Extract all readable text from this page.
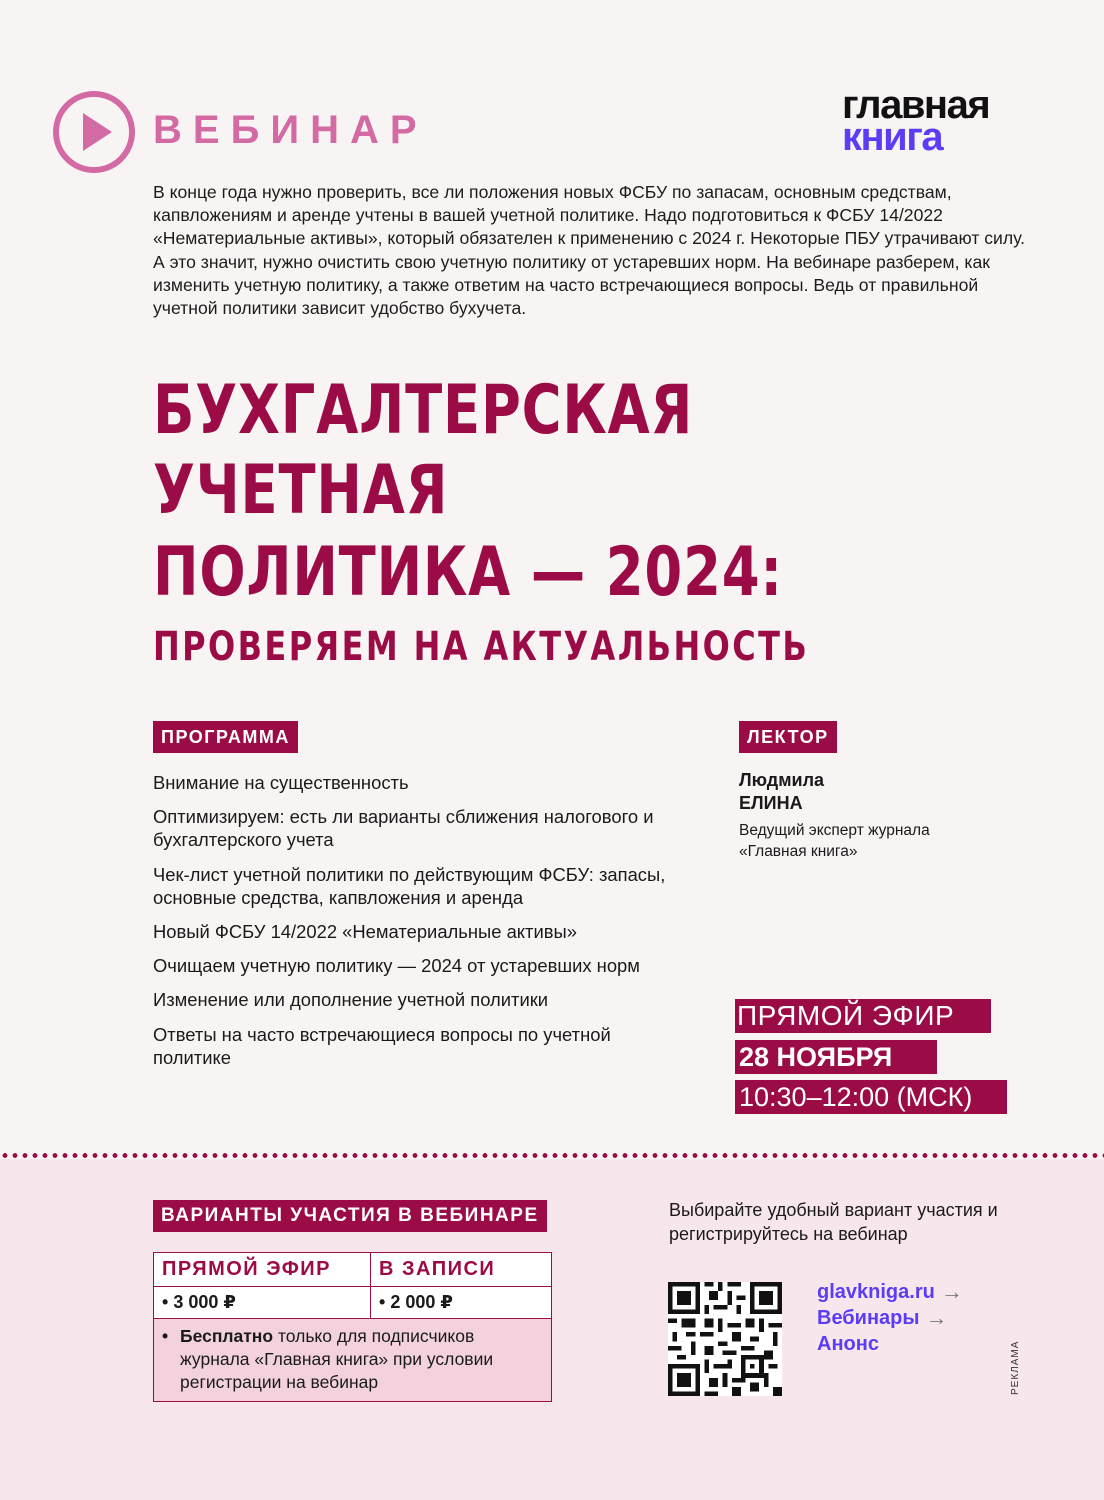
ВЕБИНАР
главная
книга

В конце года нужно проверить, все ли положения новых ФСБУ по запасам, основным средствам, капвложениям и аренде учтены в вашей учетной политике. Надо подготовиться к ФСБУ 14/2022 «Нематериальные активы», который обязателен к применению с 2024 г. Некоторые ПБУ утрачивают силу. А это значит, нужно очистить свою учетную политику от устаревших норм. На вебинаре разберем, как изменить учетную политику, а также ответим на часто встречающиеся вопросы. Ведь от правильной учетной политики зависит удобство бухучета.

БУХГАЛТЕРСКАЯ
УЧЕТНАЯ
ПОЛИТИКА — 2024:
ПРОВЕРЯЕМ НА АКТУАЛЬНОСТЬ
ПРОГРАММА
Внимание на существенность
Оптимизируем: есть ли варианты сближения налогового и бухгалтерского учета
Чек-лист учетной политики по действующим ФСБУ: запасы, основные средства, капвложения и аренда
Новый ФСБУ 14/2022 «Нематериальные активы»
Очищаем учетную политику — 2024 от устаревших норм
Изменение или дополнение учетной политики
Ответы на часто встречающиеся вопросы по учетной политике
ЛЕКТОР
Людмила
ЕЛИНА
Ведущий эксперт журнала «Главная книга»
ПРЯМОЙ ЭФИР
28 НОЯБРЯ
10:30–12:00 (МСК)
ВАРИАНТЫ УЧАСТИЯ В ВЕБИНАРЕ
ПРЯМОЙ ЭФИР	В ЗАПИСИ
• 3 000 ₽	• 2 000 ₽

• Бесплатно только для подписчиков журнала «Главная книга» при условии регистрации на вебинар	
Выбирайте удобный вариант участия и регистрируйтесь на вебинар
glavkniga.ru →
Вебинары →
Анонс	РЕКЛАМА
